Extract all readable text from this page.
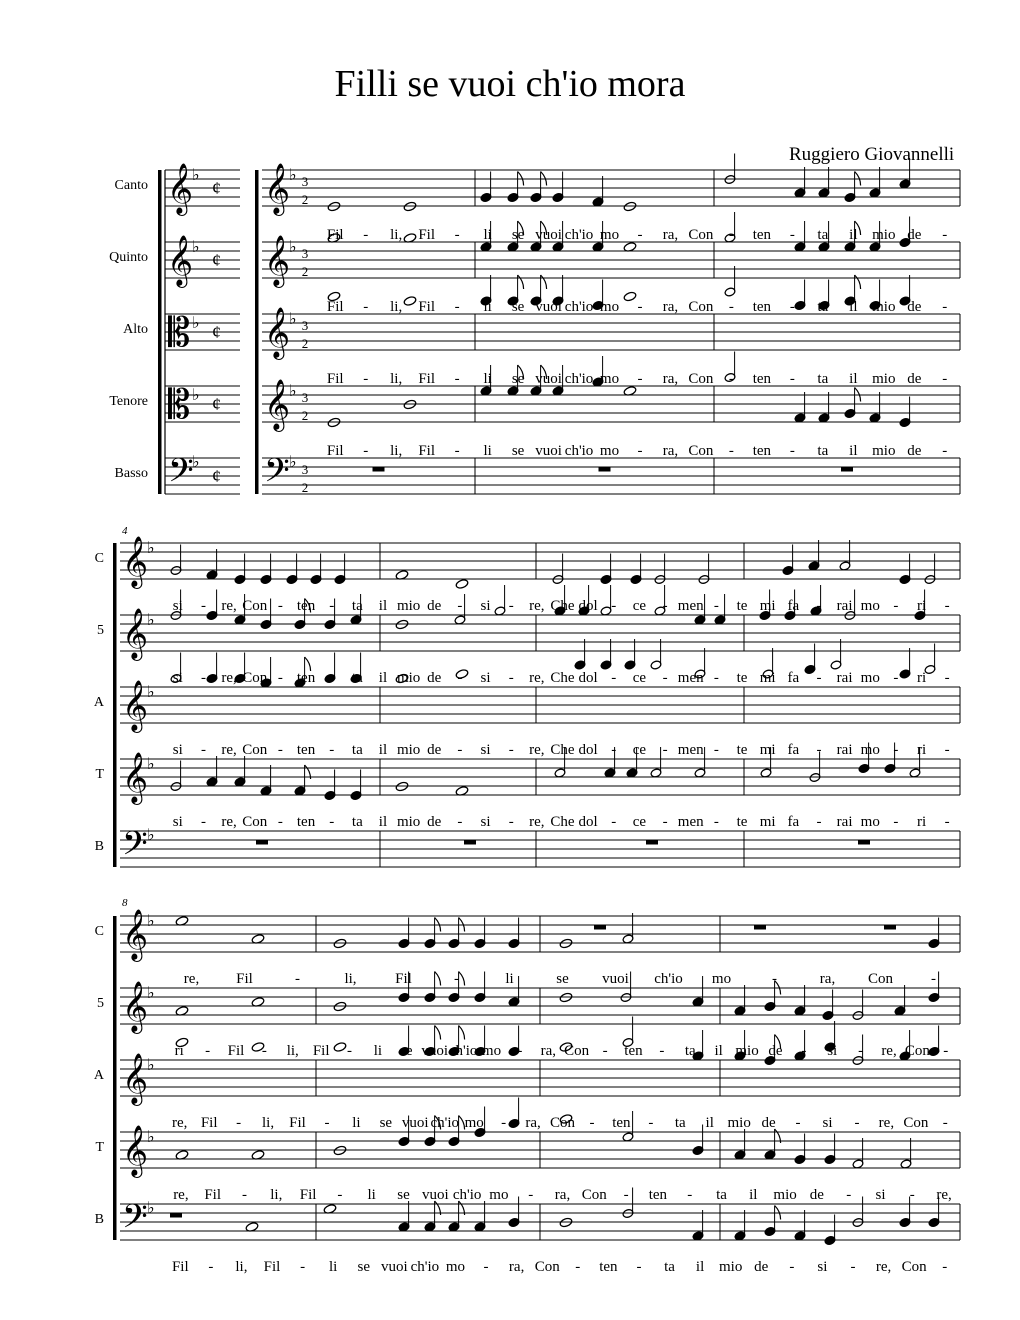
Filli se vuoi ch'io mora
Ruggiero Giovannelli
𝄞
♭
¢
𝄞
♭
¢
𝄡 ♭ ¢
𝄡 ♭ ¢
𝄢
♭
¢
𝄞
♭ 3
2
𝄞
♭ 3
2
𝄞
♭ 3
2
𝄞
♭ 3
2
𝄢 ♭ 3
2
𝄞
♭
𝄞
♭
𝄞
♭
𝄞
♭
𝄢 ♭
𝄞
♭
𝄞
♭
𝄞
♭
𝄞
♭
𝄢 ♭
Canto
Quinto
Alto
Tenore
Basso
Fil - li, Fil - li se vuoi ch'io mo - ra, Con - ten - ta il mio de -
Fil - li, Fil - li se vuoi ch'io mo - ra, Con - ten - ta il mio de -
Fil - li, Fil - li se vuoi ch'io mo - ra, Con - ten - ta il mio de -
Fil - li, Fil - li se vuoi ch'io mo - ra, Con - ten - ta il mio de -
4
C
5
A
T
B
si - re, Con - ten - ta il mio de - si - re, Che dol - ce - men - te mi fa - rai mo - ri -
si - re, Con - ten - ta il mio de - si - re, Che dol - ce - men - te mi fa - rai mo - ri -
si - re, Con - ten - ta il mio de - si - re, Che dol - ce - men - te mi fa - rai mo - ri -
si - re, Con - ten - ta il mio de - si - re, Che dol - ce - men - te mi fa - rai mo - ri -
8
C
5
A
T
B
re, Fil	-	li,	Fil	-	li	se vuoi ch'io mo	-	ra, Con	-
ri - Fil - li, Fil - li se vuoi ch'io mo - ra, Con - ten - ta il mio de - si - re, Con -
re, Fil - li, Fil - li se vuoi ch'io mo - ra, Con - ten - ta il mio de - si - re, Con -
re, Fil - li, Fil - li se vuoi ch'io mo - ra, Con - ten - ta il mio de - si - re,
Fil - li, Fil - li se vuoi ch'io mo - ra, Con - ten - ta il mio de - si - re, Con -
